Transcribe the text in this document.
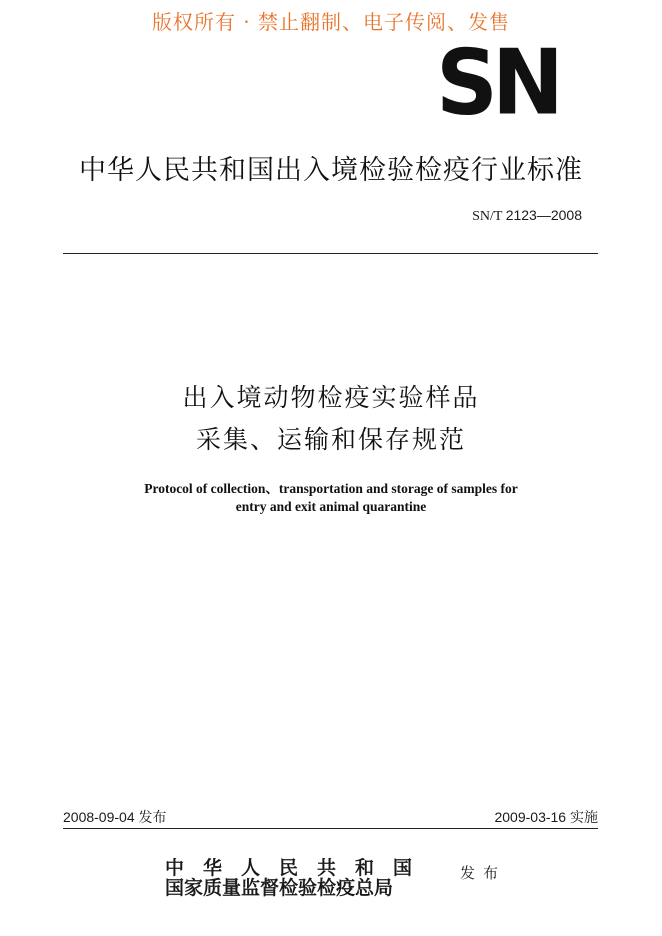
版权所有 · 禁止翻制、电子传阅、发售
SN
中华人民共和国出入境检验检疫行业标准
SN/T 2123—2008
出入境动物检疫实验样品
采集、运输和保存规范
Protocol of collection、transportation and storage of samples for
entry and exit animal quarantine
2008-09-04 发布	2009-03-16 实施
中华人民共和国
国家质量监督检验检疫总局
发布
